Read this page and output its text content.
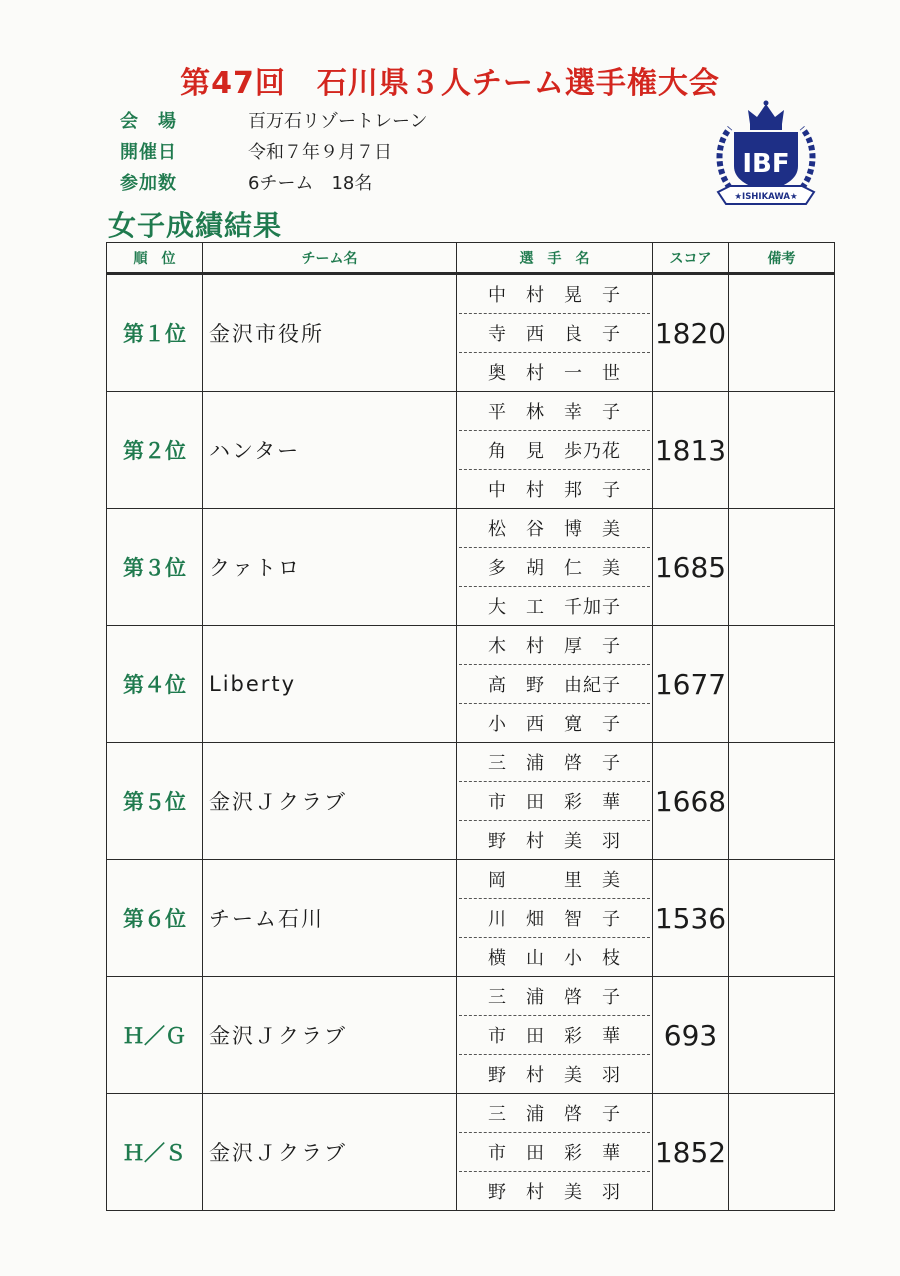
第47回　石川県３人チーム選手権大会
会　場	百万石リゾートレーン
開催日	令和７年９月７日
参加数	6チーム　18名
IBF
★ISHIKAWA★
女子成績結果
順　位	チーム名	選　手　名	スコア	備考
第１位	金沢市役所	中　村　晃　子
寺　西　良　子
奥　村　一　世	1820	
第２位	ハンター	平　林　幸　子
角　見　歩乃花
中　村　邦　子	1813	
第３位	クァトロ	松　谷　博　美
多　胡　仁　美
大　工　千加子	1685	
第４位	Liberty	木　村　厚　子
高　野　由紀子
小　西　寛　子	1677	
第５位	金沢Ｊクラブ	三　浦　啓　子
市　田　彩　華
野　村　美　羽	1668	
第６位	チーム石川	岡　　　里　美
川　畑　智　子
横　山　小　枝	1536	
Ｈ／Ｇ	金沢Ｊクラブ	三　浦　啓　子
市　田　彩　華
野　村　美　羽	693	
Ｈ／Ｓ	金沢Ｊクラブ	三　浦　啓　子
市　田　彩　華
野　村　美　羽	1852	
